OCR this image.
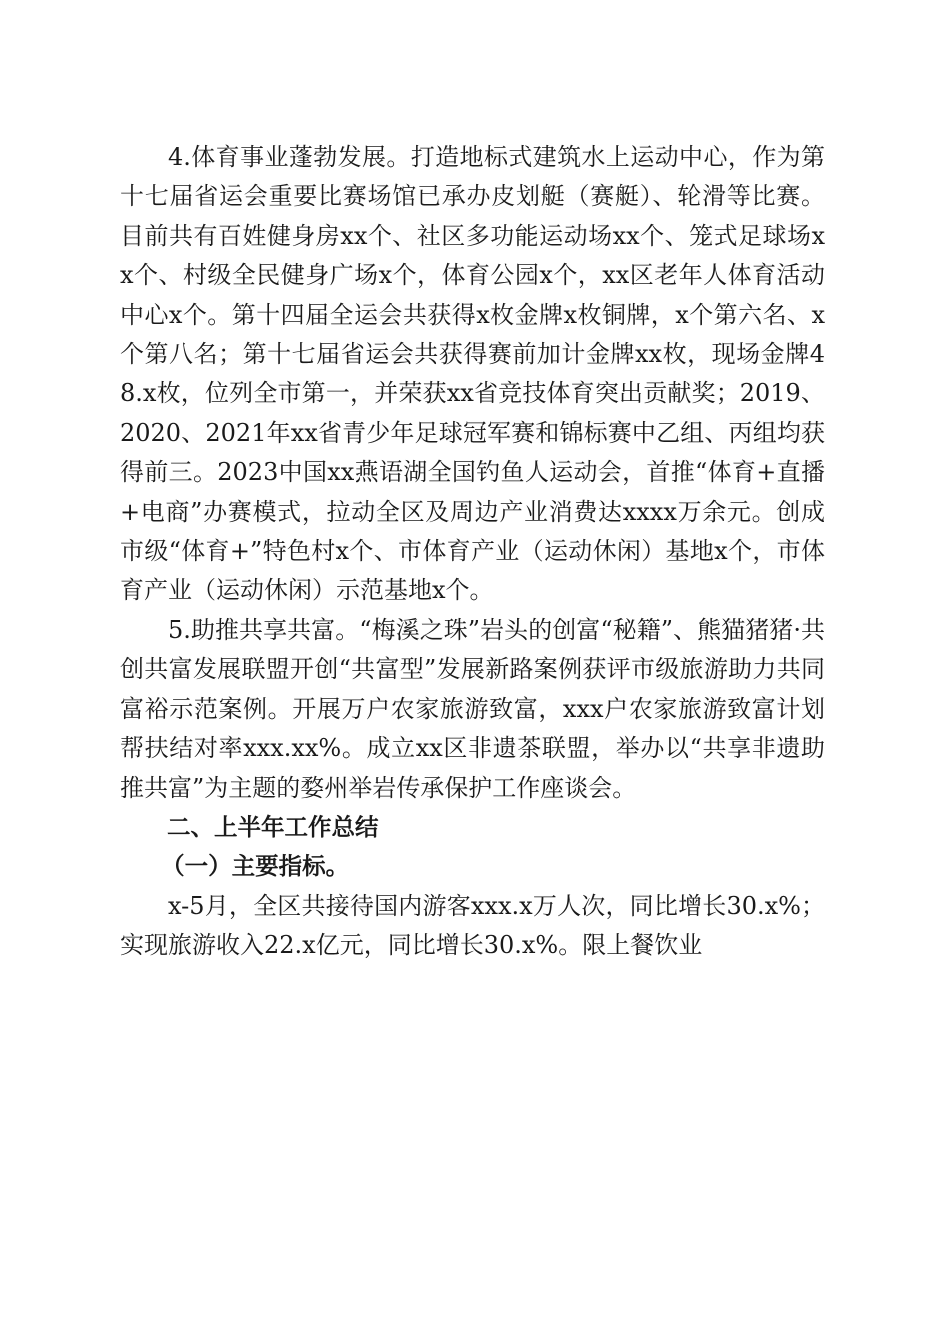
4.体育事业蓬勃发展。打造地标式建筑水上运动中心，作为第十七届省运会重要比赛场馆已承办皮划艇（赛艇）、轮滑等比赛。目前共有百姓健身房xx个、社区多功能运动场xx个、笼式足球场xx个、村级全民健身广场x个，体育公园x个，xx区老年人体育活动中心x个。第十四届全运会共获得x枚金牌x枚铜牌，x个第六名、x个第八名；第十七届省运会共获得赛前加计金牌xx枚，现场金牌48.x枚，位列全市第一，并荣获xx省竞技体育突出贡献奖；2019、2020、2021年xx省青少年足球冠军赛和锦标赛中乙组、丙组均获得前三。2023中国xx燕语湖全国钓鱼人运动会，首推“体育+直播+电商”办赛模式，拉动全区及周边产业消费达xxxx万余元。创成市级“体育+”特色村x个、市体育产业（运动休闲）基地x个，市体育产业（运动休闲）示范基地x个。

5.助推共享共富。“梅溪之珠”岩头的创富“秘籍”、熊猫猪猪·共创共富发展联盟开创“共富型”发展新路案例获评市级旅游助力共同富裕示范案例。开展万户农家旅游致富，xxx户农家旅游致富计划帮扶结对率xxx.xx%。成立xx区非遗茶联盟，举办以“共享非遗助推共富”为主题的婺州举岩传承保护工作座谈会。

二、上半年工作总结

（一）主要指标。

x-5月，全区共接待国内游客xxx.x万人次，同比增长30.x%；实现旅游收入22.x亿元，同比增长30.x%。限上餐饮业
